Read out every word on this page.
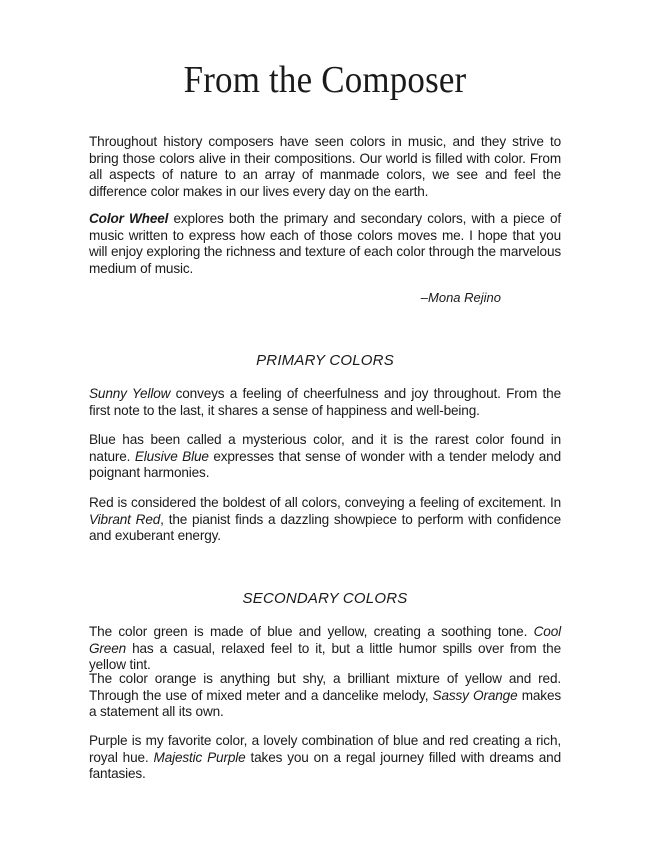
From the Composer

Throughout history composers have seen colors in music, and they strive to bring those colors alive in their compositions. Our world is filled with color. From all aspects of nature to an array of manmade colors, we see and feel the difference color makes in our lives every day on the earth.

Color Wheel explores both the primary and secondary colors, with a piece of music written to express how each of those colors moves me. I hope that you will enjoy exploring the richness and texture of each color through the marvelous medium of music.

–Mona Rejino
PRIMARY COLORS

Sunny Yellow conveys a feeling of cheerfulness and joy throughout. From the first note to the last, it shares a sense of happiness and well-being.

Blue has been called a mysterious color, and it is the rarest color found in nature. Elusive Blue expresses that sense of wonder with a tender melody and poignant harmonies.

Red is considered the boldest of all colors, conveying a feeling of excitement. In Vibrant Red, the pianist finds a dazzling showpiece to perform with confidence and exuberant energy.

SECONDARY COLORS

The color green is made of blue and yellow, creating a soothing tone. Cool Green has a casual, relaxed feel to it, but a little humor spills over from the yellow tint.

The color orange is anything but shy, a brilliant mixture of yellow and red. Through the use of mixed meter and a dancelike melody, Sassy Orange makes a statement all its own.

Purple is my favorite color, a lovely combination of blue and red creating a rich, royal hue. Majestic Purple takes you on a regal journey filled with dreams and fantasies.
